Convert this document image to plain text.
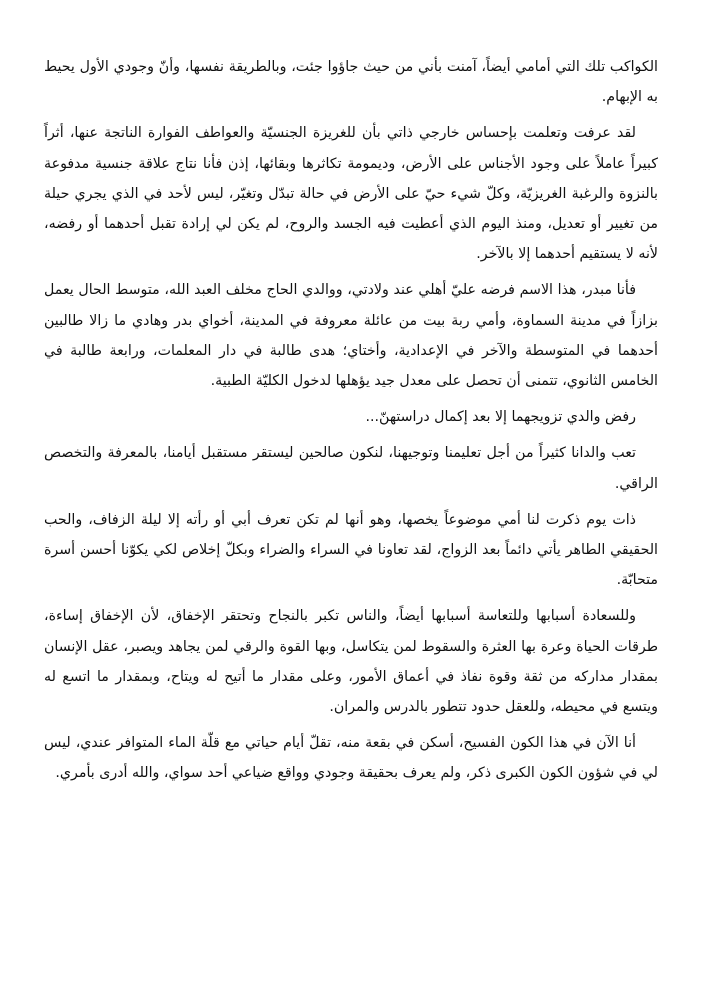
الكواكب تلك التي أمامي أيضاً، آمنت بأني من حيث جاؤوا جئت، وبالطريقة نفسها، وأنّ وجودي الأول يحيط به الإبهام.

لقد عرفت وتعلمت بإحساس خارجي ذاتي بأن للغريزة الجنسيّة والعواطف الفوارة الناتجة عنها، أثراً كبيراً عاملاً على وجود الأجناس على الأرض، وديمومة تكاثرها وبقائها، إذن فأنا نتاج علاقة جنسية مدفوعة بالنزوة والرغبة الغريزيّة، وكلّ شيء حيّ على الأرض في حالة تبدّل وتغيّر، ليس لأحد في الذي يجري حيلة من تغيير أو تعديل، ومنذ اليوم الذي أعطيت فيه الجسد والروح، لم يكن لي إرادة تقبل أحدهما أو رفضه، لأنه لا يستقيم أحدهما إلا بالآخر.

فأنا مبدر، هذا الاسم فرضه عليّ أهلي عند ولادتي، ووالدي الحاج مخلف العبد الله، متوسط الحال يعمل بزازاً في مدينة السماوة، وأمي ربة بيت من عائلة معروفة في المدينة، أخواي بدر وهادي ما زالا طالبين أحدهما في المتوسطة والآخر في الإعدادية، وأختاي؛ هدى طالبة في دار المعلمات، ورابعة طالبة في الخامس الثانوي، تتمنى أن تحصل على معدل جيد يؤهلها لدخول الكليّة الطبية.

رفض والدي تزويجهما إلا بعد إكمال دراستهنّ...

تعب والدانا كثيراً من أجل تعليمنا وتوجيهنا، لنكون صالحين ليستقر مستقبل أيامنا، بالمعرفة والتخصص الراقي.

ذات يوم ذكرت لنا أمي موضوعاً يخصها، وهو أنها لم تكن تعرف أبي أو رأته إلا ليلة الزفاف، والحب الحقيقي الطاهر يأتي دائماً بعد الزواج، لقد تعاونا في السراء والضراء وبكلّ إخلاص لكي يكوّنا أحسن أسرة متحابّة.

وللسعادة أسبابها وللتعاسة أسبابها أيضاً، والناس تكبر بالنجاح وتحتقر الإخفاق، لأن الإخفاق إساءة، طرقات الحياة وعرة بها العثرة والسقوط لمن يتكاسل، وبها القوة والرقي لمن يجاهد ويصبر، عقل الإنسان بمقدار مداركه من ثقة وقوة نفاذ في أعماق الأمور، وعلى مقدار ما أتيح له ويتاح، وبمقدار ما اتسع له ويتسع في محيطه، وللعقل حدود تتطور بالدرس والمران.

أنا الآن في هذا الكون الفسيح، أسكن في بقعة منه، تقلّ أيام حياتي مع قلّة الماء المتوافر عندي، ليس لي في شؤون الكون الكبرى ذكر، ولم يعرف بحقيقة وجودي وواقع ضياعي أحد سواي، والله أدرى بأمري.
